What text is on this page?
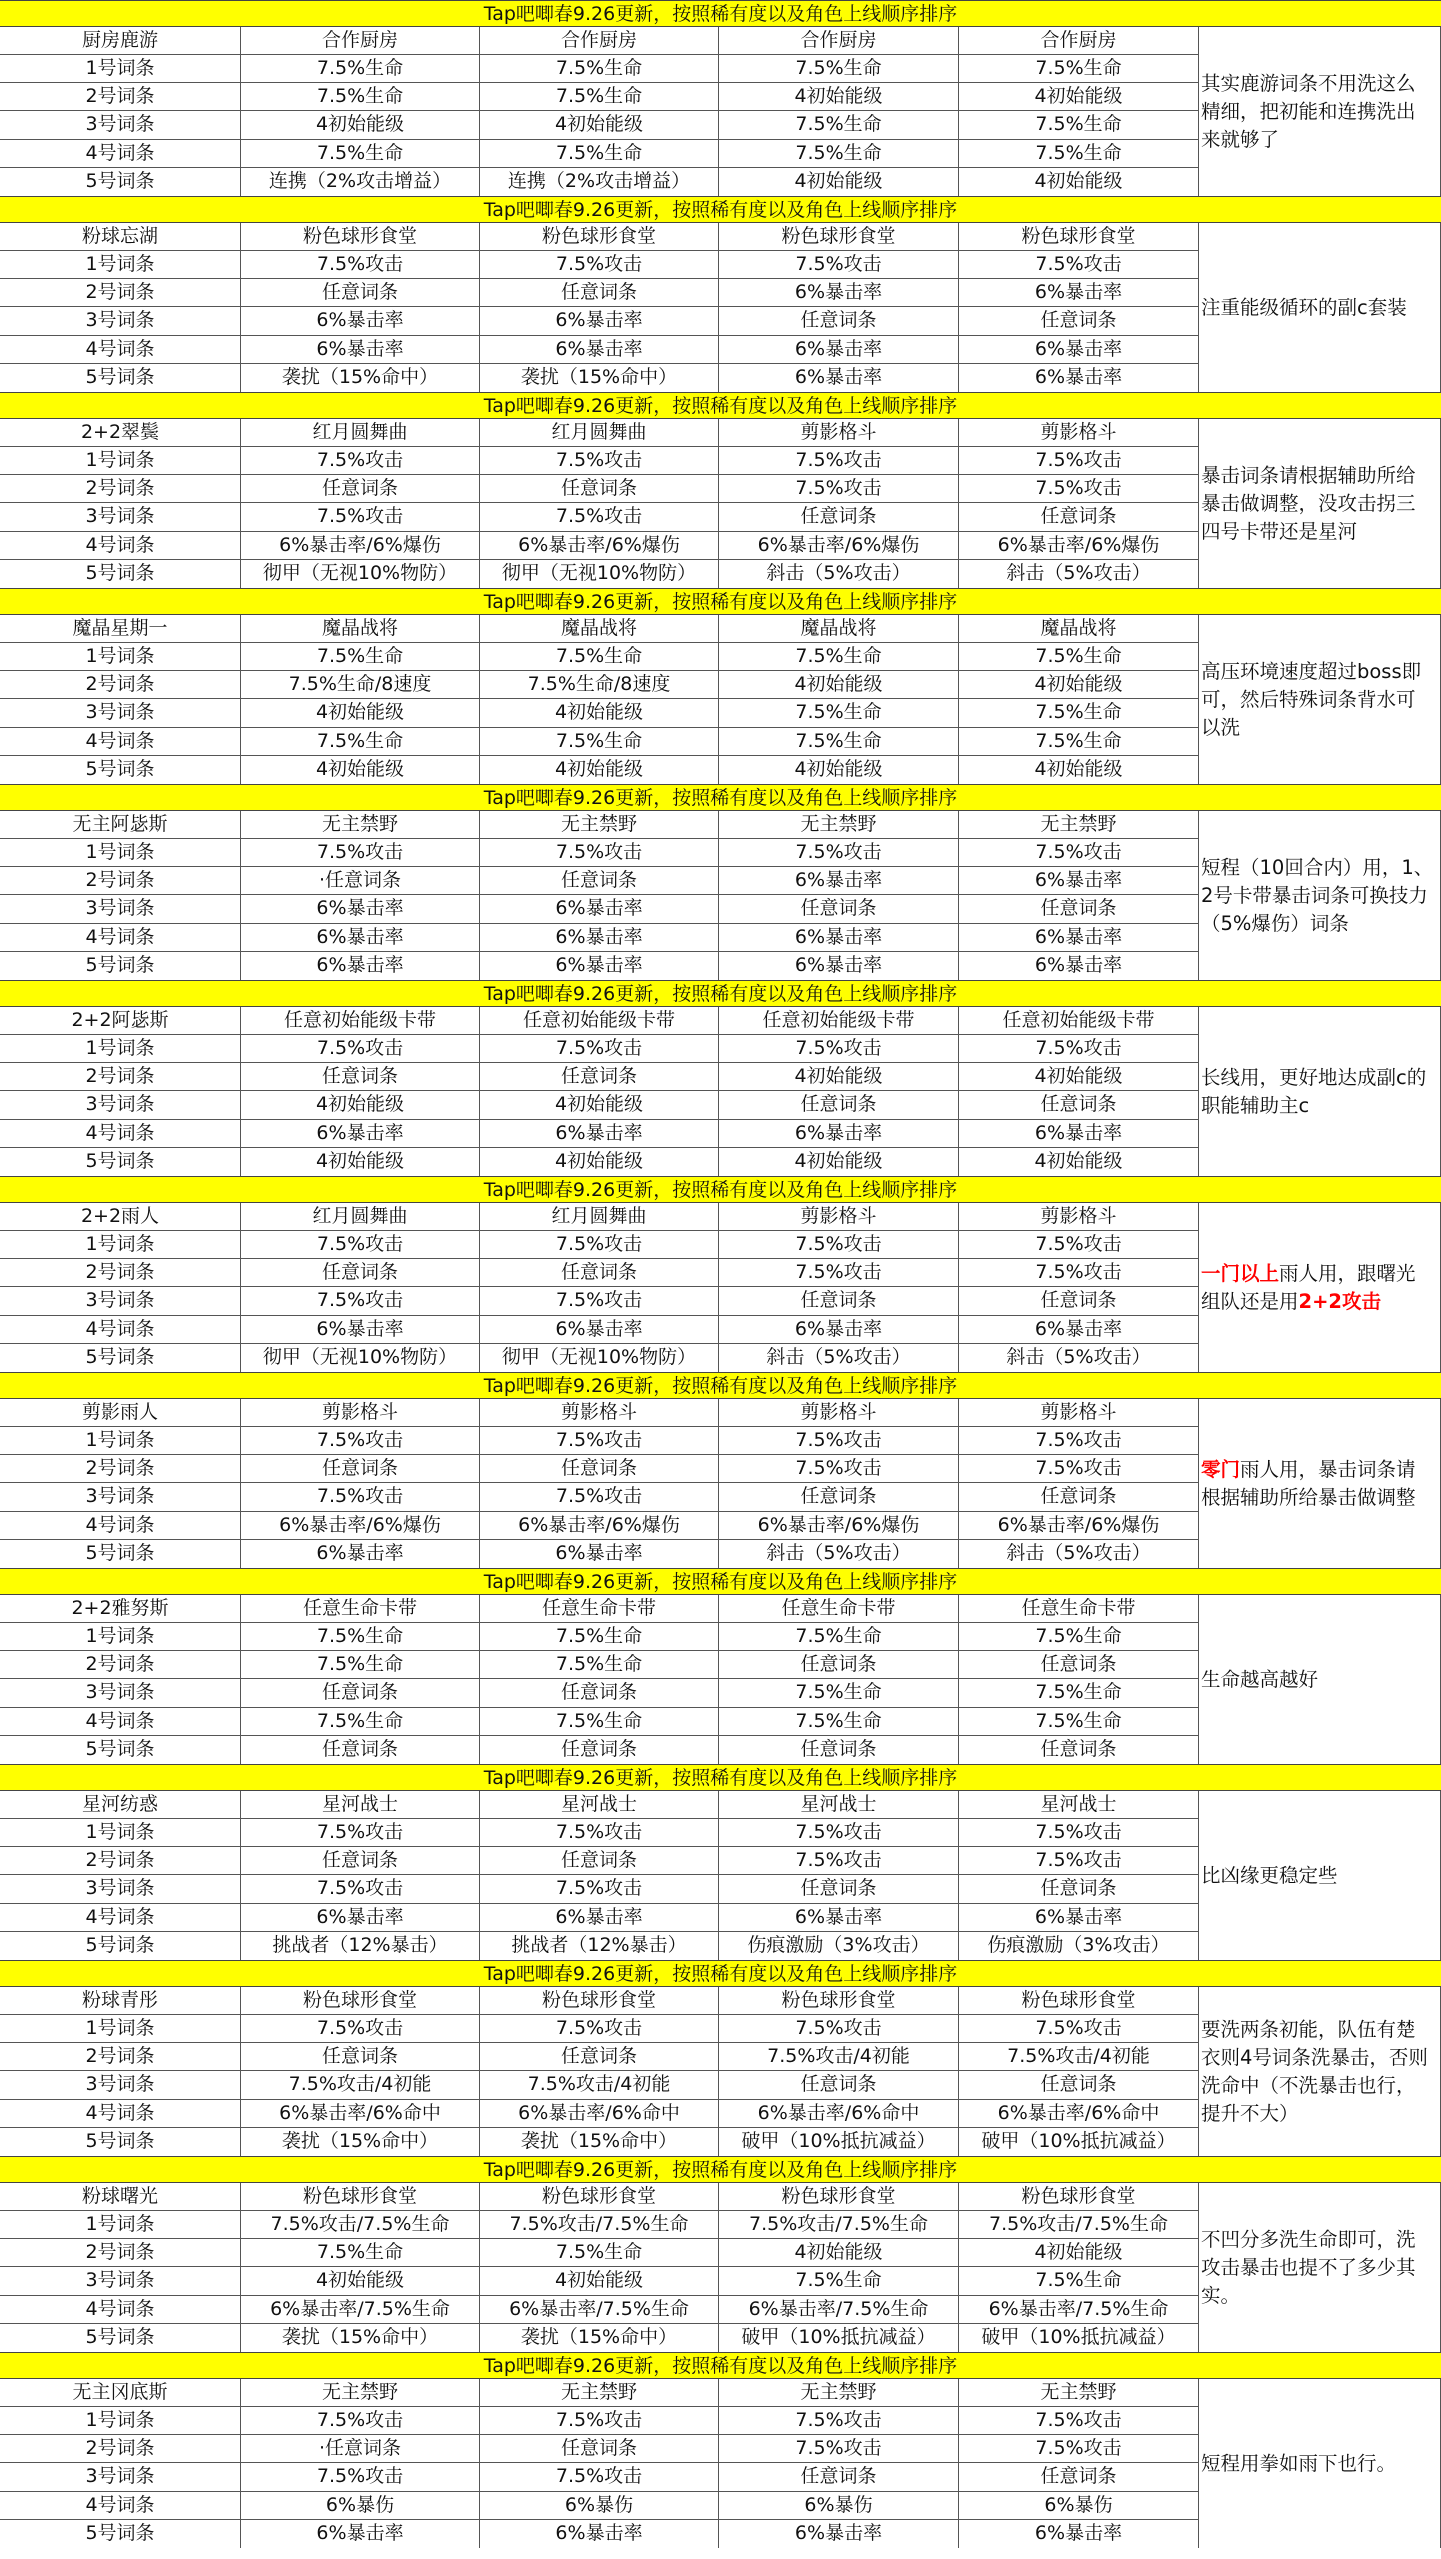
Tap吧唧春9.26更新，按照稀有度以及角色上线顺序排序
厨房鹿游	合作厨房	合作厨房	合作厨房	合作厨房
1号词条	7.5%生命	7.5%生命	7.5%生命	7.5%生命
2号词条	7.5%生命	7.5%生命	4初始能级	4初始能级
3号词条	4初始能级	4初始能级	7.5%生命	7.5%生命
4号词条	7.5%生命	7.5%生命	7.5%生命	7.5%生命
5号词条	连携（2%攻击增益）	连携（2%攻击增益）	4初始能级	4初始能级
其实鹿游词条不用洗这么精细，把初能和连携洗出来就够了
Tap吧唧春9.26更新，按照稀有度以及角色上线顺序排序
粉球忘湖	粉色球形食堂	粉色球形食堂	粉色球形食堂	粉色球形食堂
1号词条	7.5%攻击	7.5%攻击	7.5%攻击	7.5%攻击
2号词条	任意词条	任意词条	6%暴击率	6%暴击率
3号词条	6%暴击率	6%暴击率	任意词条	任意词条
4号词条	6%暴击率	6%暴击率	6%暴击率	6%暴击率
5号词条	袭扰（15%命中）	袭扰（15%命中）	6%暴击率	6%暴击率
注重能级循环的副c套装
Tap吧唧春9.26更新，按照稀有度以及角色上线顺序排序
2+2翠鬓	红月圆舞曲	红月圆舞曲	剪影格斗	剪影格斗
1号词条	7.5%攻击	7.5%攻击	7.5%攻击	7.5%攻击
2号词条	任意词条	任意词条	7.5%攻击	7.5%攻击
3号词条	7.5%攻击	7.5%攻击	任意词条	任意词条
4号词条	6%暴击率/6%爆伤	6%暴击率/6%爆伤	6%暴击率/6%爆伤	6%暴击率/6%爆伤
5号词条	彻甲（无视10%物防）	彻甲（无视10%物防）	斜击（5%攻击）	斜击（5%攻击）
暴击词条请根据辅助所给暴击做调整，没攻击拐三四号卡带还是星河
Tap吧唧春9.26更新，按照稀有度以及角色上线顺序排序
魔晶星期一	魔晶战将	魔晶战将	魔晶战将	魔晶战将
1号词条	7.5%生命	7.5%生命	7.5%生命	7.5%生命
2号词条	7.5%生命/8速度	7.5%生命/8速度	4初始能级	4初始能级
3号词条	4初始能级	4初始能级	7.5%生命	7.5%生命
4号词条	7.5%生命	7.5%生命	7.5%生命	7.5%生命
5号词条	4初始能级	4初始能级	4初始能级	4初始能级
高压环境速度超过boss即可，然后特殊词条背水可以洗
Tap吧唧春9.26更新，按照稀有度以及角色上线顺序排序
无主阿毖斯	无主禁野	无主禁野	无主禁野	无主禁野
1号词条	7.5%攻击	7.5%攻击	7.5%攻击	7.5%攻击
2号词条	·任意词条	任意词条	6%暴击率	6%暴击率
3号词条	6%暴击率	6%暴击率	任意词条	任意词条
4号词条	6%暴击率	6%暴击率	6%暴击率	6%暴击率
5号词条	6%暴击率	6%暴击率	6%暴击率	6%暴击率
短程（10回合内）用，1、2号卡带暴击词条可换技力（5%爆伤）词条
Tap吧唧春9.26更新，按照稀有度以及角色上线顺序排序
2+2阿毖斯	任意初始能级卡带	任意初始能级卡带	任意初始能级卡带	任意初始能级卡带
1号词条	7.5%攻击	7.5%攻击	7.5%攻击	7.5%攻击
2号词条	任意词条	任意词条	4初始能级	4初始能级
3号词条	4初始能级	4初始能级	任意词条	任意词条
4号词条	6%暴击率	6%暴击率	6%暴击率	6%暴击率
5号词条	4初始能级	4初始能级	4初始能级	4初始能级
长线用，更好地达成副c的职能辅助主c
Tap吧唧春9.26更新，按照稀有度以及角色上线顺序排序
2+2雨人	红月圆舞曲	红月圆舞曲	剪影格斗	剪影格斗
1号词条	7.5%攻击	7.5%攻击	7.5%攻击	7.5%攻击
2号词条	任意词条	任意词条	7.5%攻击	7.5%攻击
3号词条	7.5%攻击	7.5%攻击	任意词条	任意词条
4号词条	6%暴击率	6%暴击率	6%暴击率	6%暴击率
5号词条	彻甲（无视10%物防）	彻甲（无视10%物防）	斜击（5%攻击）	斜击（5%攻击）
一门以上雨人用，跟曙光组队还是用2+2攻击
Tap吧唧春9.26更新，按照稀有度以及角色上线顺序排序
剪影雨人	剪影格斗	剪影格斗	剪影格斗	剪影格斗
1号词条	7.5%攻击	7.5%攻击	7.5%攻击	7.5%攻击
2号词条	任意词条	任意词条	7.5%攻击	7.5%攻击
3号词条	7.5%攻击	7.5%攻击	任意词条	任意词条
4号词条	6%暴击率/6%爆伤	6%暴击率/6%爆伤	6%暴击率/6%爆伤	6%暴击率/6%爆伤
5号词条	6%暴击率	6%暴击率	斜击（5%攻击）	斜击（5%攻击）
零门雨人用，暴击词条请根据辅助所给暴击做调整
Tap吧唧春9.26更新，按照稀有度以及角色上线顺序排序
2+2雅努斯	任意生命卡带	任意生命卡带	任意生命卡带	任意生命卡带
1号词条	7.5%生命	7.5%生命	7.5%生命	7.5%生命
2号词条	7.5%生命	7.5%生命	任意词条	任意词条
3号词条	任意词条	任意词条	7.5%生命	7.5%生命
4号词条	7.5%生命	7.5%生命	7.5%生命	7.5%生命
5号词条	任意词条	任意词条	任意词条	任意词条
生命越高越好
Tap吧唧春9.26更新，按照稀有度以及角色上线顺序排序
星河纺惑	星河战士	星河战士	星河战士	星河战士
1号词条	7.5%攻击	7.5%攻击	7.5%攻击	7.5%攻击
2号词条	任意词条	任意词条	7.5%攻击	7.5%攻击
3号词条	7.5%攻击	7.5%攻击	任意词条	任意词条
4号词条	6%暴击率	6%暴击率	6%暴击率	6%暴击率
5号词条	挑战者（12%暴击）	挑战者（12%暴击）	伤痕激励（3%攻击）	伤痕激励（3%攻击）
比凶缘更稳定些
Tap吧唧春9.26更新，按照稀有度以及角色上线顺序排序
粉球青彤	粉色球形食堂	粉色球形食堂	粉色球形食堂	粉色球形食堂
1号词条	7.5%攻击	7.5%攻击	7.5%攻击	7.5%攻击
2号词条	任意词条	任意词条	7.5%攻击/4初能	7.5%攻击/4初能
3号词条	7.5%攻击/4初能	7.5%攻击/4初能	任意词条	任意词条
4号词条	6%暴击率/6%命中	6%暴击率/6%命中	6%暴击率/6%命中	6%暴击率/6%命中
5号词条	袭扰（15%命中）	袭扰（15%命中）	破甲（10%抵抗减益）	破甲（10%抵抗减益）
要洗两条初能，队伍有楚衣则4号词条洗暴击，否则洗命中（不洗暴击也行，提升不大）
Tap吧唧春9.26更新，按照稀有度以及角色上线顺序排序
粉球曙光	粉色球形食堂	粉色球形食堂	粉色球形食堂	粉色球形食堂
1号词条	7.5%攻击/7.5%生命	7.5%攻击/7.5%生命	7.5%攻击/7.5%生命	7.5%攻击/7.5%生命
2号词条	7.5%生命	7.5%生命	4初始能级	4初始能级
3号词条	4初始能级	4初始能级	7.5%生命	7.5%生命
4号词条	6%暴击率/7.5%生命	6%暴击率/7.5%生命	6%暴击率/7.5%生命	6%暴击率/7.5%生命
5号词条	袭扰（15%命中）	袭扰（15%命中）	破甲（10%抵抗减益）	破甲（10%抵抗减益）
不凹分多洗生命即可，洗攻击暴击也提不了多少其实。
Tap吧唧春9.26更新，按照稀有度以及角色上线顺序排序
无主冈底斯	无主禁野	无主禁野	无主禁野	无主禁野
1号词条	7.5%攻击	7.5%攻击	7.5%攻击	7.5%攻击
2号词条	·任意词条	任意词条	7.5%攻击	7.5%攻击
3号词条	7.5%攻击	7.5%攻击	任意词条	任意词条
4号词条	6%暴伤	6%暴伤	6%暴伤	6%暴伤
5号词条	6%暴击率	6%暴击率	6%暴击率	6%暴击率
短程用拳如雨下也行。
